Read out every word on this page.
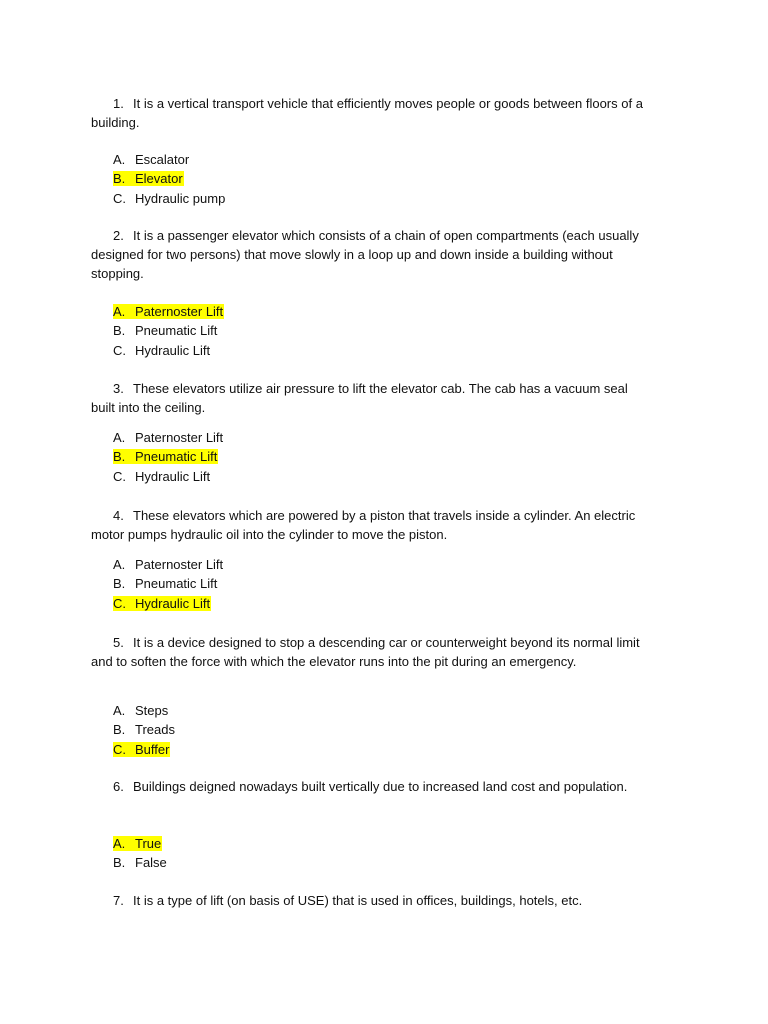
1. It is a vertical transport vehicle that efficiently moves people or goods between floors of a building.
A. Escalator
B. Elevator
C. Hydraulic pump
2. It is a passenger elevator which consists of a chain of open compartments (each usually designed for two persons) that move slowly in a loop up and down inside a building without stopping.
A. Paternoster Lift
B. Pneumatic Lift
C. Hydraulic Lift
3. These elevators utilize air pressure to lift the elevator cab. The cab has a vacuum seal built into the ceiling.
A. Paternoster Lift
B. Pneumatic Lift
C. Hydraulic Lift
4. These elevators which are powered by a piston that travels inside a cylinder. An electric motor pumps hydraulic oil into the cylinder to move the piston.
A. Paternoster Lift
B. Pneumatic Lift
C. Hydraulic Lift
5. It is a device designed to stop a descending car or counterweight beyond its normal limit and to soften the force with which the elevator runs into the pit during an emergency.
A. Steps
B. Treads
C. Buffer
6. Buildings deigned nowadays built vertically due to increased land cost and population.
A. True
B. False
7. It is a type of lift (on basis of USE) that is used in offices, buildings, hotels, etc.
